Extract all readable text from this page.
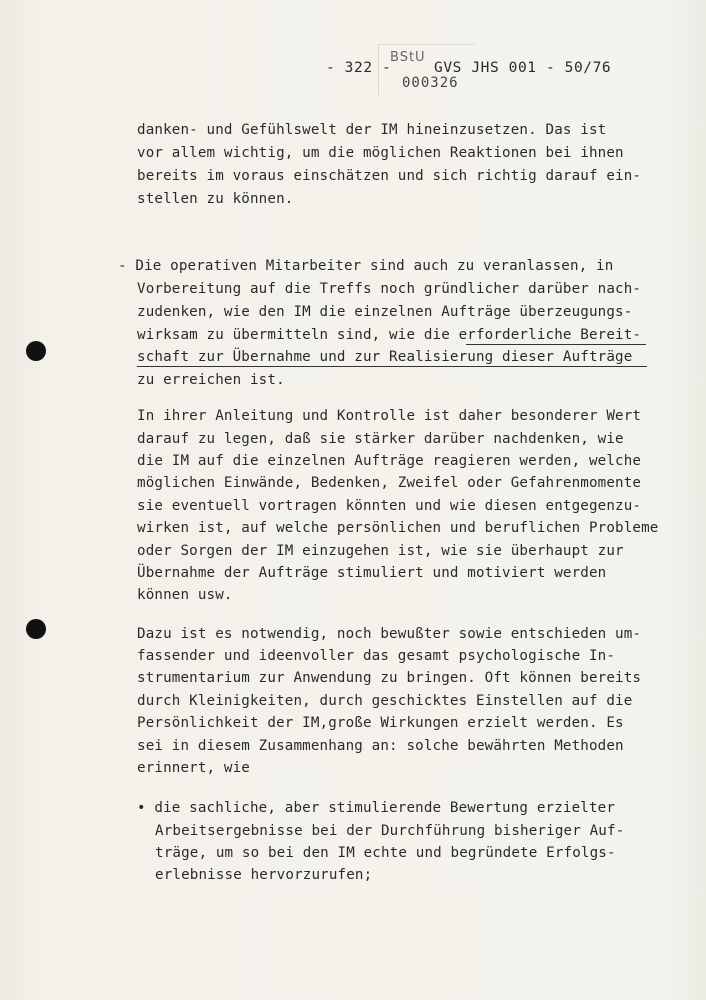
- 322 -
BStU
000326
GVS JHS 001 - 50/76
danken- und Gefühlswelt der IM hineinzusetzen. Das ist
vor allem wichtig, um die möglichen Reaktionen bei ihnen
bereits im voraus einschätzen und sich richtig darauf ein-
stellen zu können.
- Die operativen Mitarbeiter sind auch zu veranlassen, in
Vorbereitung auf die Treffs noch gründlicher darüber nach-
zudenken, wie den IM die einzelnen Aufträge überzeugungs-
wirksam zu übermitteln sind, wie die erforderliche Bereit-
schaft zur Übernahme und zur Realisierung dieser Aufträge
zu erreichen ist.
In ihrer Anleitung und Kontrolle ist daher besonderer Wert
darauf zu legen, daß sie stärker darüber nachdenken, wie
die IM auf die einzelnen Aufträge reagieren werden, welche
möglichen Einwände, Bedenken, Zweifel oder Gefahrenmomente
sie eventuell vortragen könnten und wie diesen entgegenzu-
wirken ist, auf welche persönlichen und beruflichen Probleme
oder Sorgen der IM einzugehen ist, wie sie überhaupt zur
Übernahme der Aufträge stimuliert und motiviert werden
können usw.
Dazu ist es notwendig, noch bewußter sowie entschieden um-
fassender und ideenvoller das gesamt psychologische In-
strumentarium zur Anwendung zu bringen. Oft können bereits
durch Kleinigkeiten, durch geschicktes Einstellen auf die
Persönlichkeit der IM,große Wirkungen erzielt werden. Es
sei in diesem Zusammenhang an: solche bewährten Methoden
erinnert, wie
• die sachliche, aber stimulierende Bewertung erzielter
Arbeitsergebnisse bei der Durchführung bisheriger Auf-
träge, um so bei den IM echte und begründete Erfolgs-
erlebnisse hervorzurufen;
